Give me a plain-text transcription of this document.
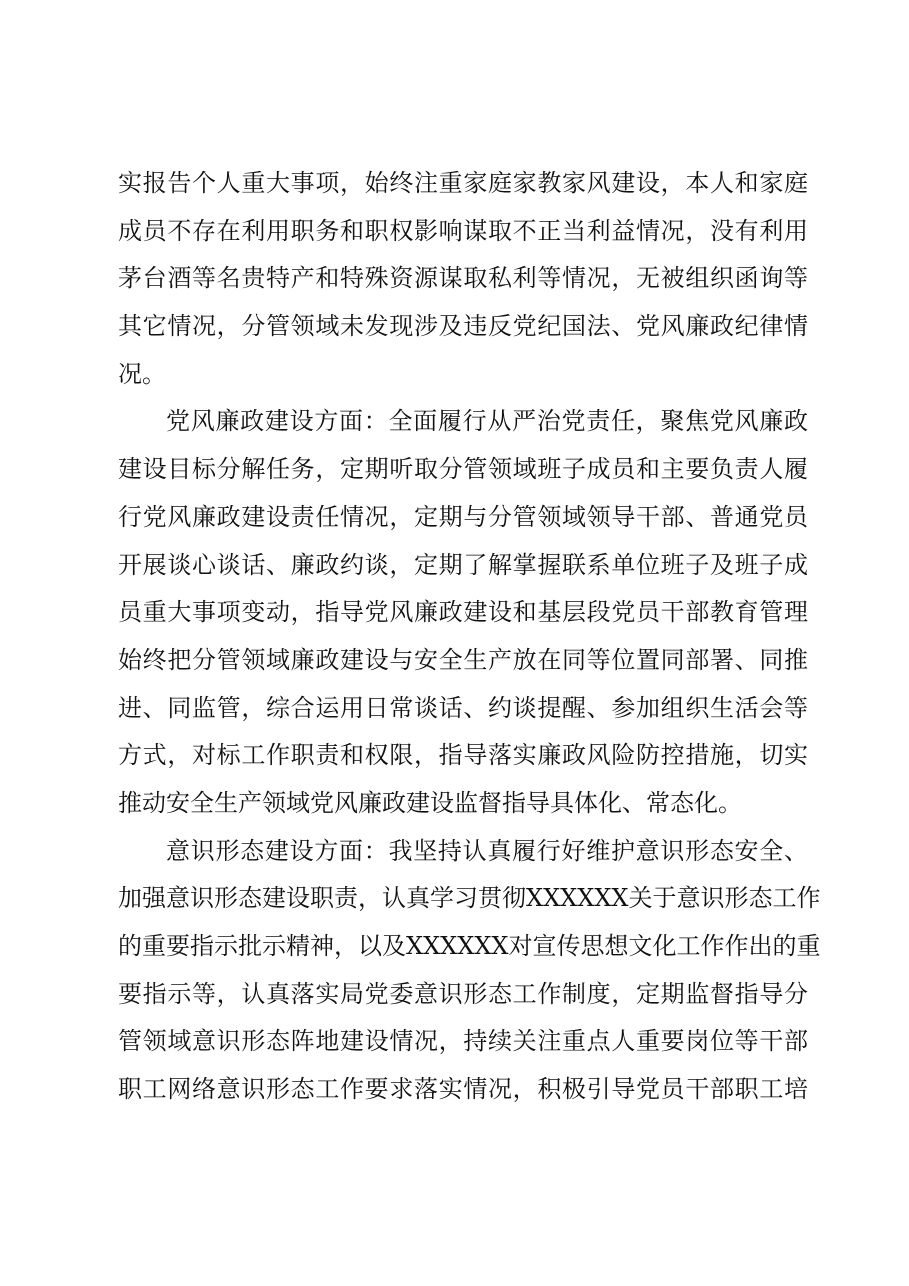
实报告个人重大事项，始终注重家庭家教家风建设，本人和家庭
成员不存在利用职务和职权影响谋取不正当利益情况，没有利用
茅台酒等名贵特产和特殊资源谋取私利等情况，无被组织函询等
其它情况，分管领域未发现涉及违反党纪国法、党风廉政纪律情
况。
党风廉政建设方面：全面履行从严治党责任，聚焦党风廉政
建设目标分解任务，定期听取分管领域班子成员和主要负责人履
行党风廉政建设责任情况，定期与分管领域领导干部、普通党员
开展谈心谈话、廉政约谈，定期了解掌握联系单位班子及班子成
员重大事项变动，指导党风廉政建设和基层段党员干部教育管理
始终把分管领域廉政建设与安全生产放在同等位置同部署、同推
进、同监管，综合运用日常谈话、约谈提醒、参加组织生活会等
方式，对标工作职责和权限，指导落实廉政风险防控措施，切实
推动安全生产领域党风廉政建设监督指导具体化、常态化。
意识形态建设方面：我坚持认真履行好维护意识形态安全、
加强意识形态建设职责，认真学习贯彻XXXXXX关于意识形态工作
的重要指示批示精神，以及XXXXXX对宣传思想文化工作作出的重
要指示等，认真落实局党委意识形态工作制度，定期监督指导分
管领域意识形态阵地建设情况，持续关注重点人重要岗位等干部
职工网络意识形态工作要求落实情况，积极引导党员干部职工培
